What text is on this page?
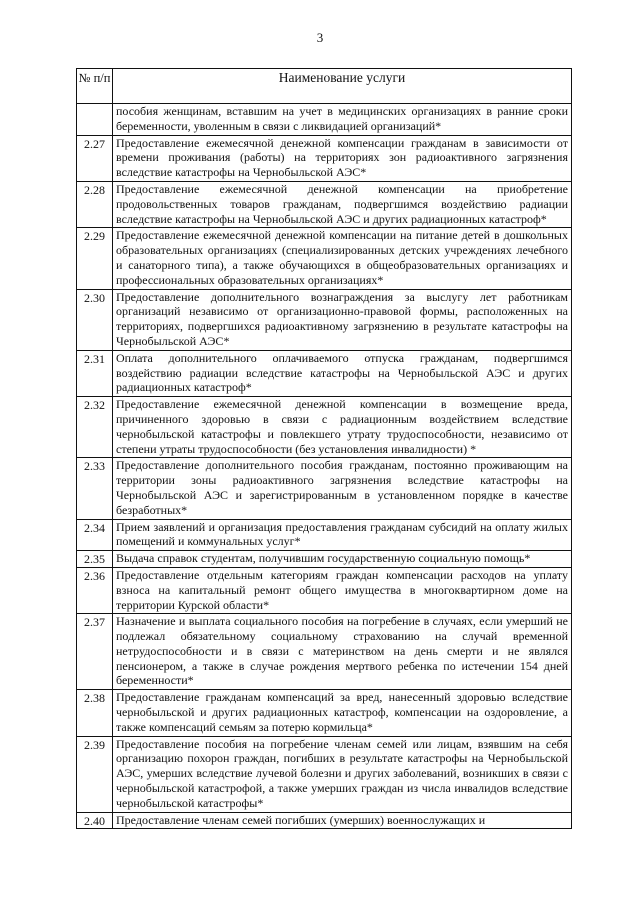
3
№ п/п	Наименование услуги
	пособия женщинам, вставшим на учет в медицинских организациях в ранние сроки беременности, уволенным в связи с ликвидацией организаций*
2.27	Предоставление ежемесячной денежной компенсации гражданам в зависимости от времени проживания (работы) на территориях зон радиоактивного загрязнения вследствие катастрофы на Чернобыльской АЭС*
2.28	Предоставление ежемесячной денежной компенсации на приобретение продовольственных товаров гражданам, подвергшимся воздействию радиации вследствие катастрофы на Чернобыльской АЭС и других радиационных катастроф*
2.29	Предоставление ежемесячной денежной компенсации на питание детей в дошкольных образовательных организациях (специализированных детских учреждениях лечебного и санаторного типа), а также обучающихся в общеобразовательных организациях и профессиональных образовательных организациях*
2.30	Предоставление дополнительного вознаграждения за выслугу лет работникам организаций независимо от организационно-правовой формы, расположенных на территориях, подвергшихся радиоактивному загрязнению в результате катастрофы на Чернобыльской АЭС*
2.31	Оплата дополнительного оплачиваемого отпуска гражданам, подвергшимся воздействию радиации вследствие катастрофы на Чернобыльской АЭС и других радиационных катастроф*
2.32	Предоставление ежемесячной денежной компенсации в возмещение вреда, причиненного здоровью в связи с радиационным воздействием вследствие чернобыльской катастрофы и повлекшего утрату трудоспособности, независимо от степени утраты трудоспособности (без установления инвалидности) *
2.33	Предоставление дополнительного пособия гражданам, постоянно проживающим на территории зоны радиоактивного загрязнения вследствие катастрофы на Чернобыльской АЭС и зарегистрированным в установленном порядке в качестве безработных*
2.34	Прием заявлений и организация предоставления гражданам субсидий на оплату жилых помещений и коммунальных услуг*
2.35	Выдача справок студентам, получившим государственную социальную помощь*
2.36	Предоставление отдельным категориям граждан компенсации расходов на уплату взноса на капитальный ремонт общего имущества в многоквартирном доме на территории Курской области*
2.37	Назначение и выплата социального пособия на погребение в случаях, если умерший не подлежал обязательному социальному страхованию на случай временной нетрудоспособности и в связи с материнством на день смерти и не являлся пенсионером, а также в случае рождения мертвого ребенка по истечении 154 дней беременности*
2.38	Предоставление гражданам компенсаций за вред, нанесенный здоровью вследствие чернобыльской и других радиационных катастроф, компенсации на оздоровление, а также компенсаций семьям за потерю кормильца*
2.39	Предоставление пособия на погребение членам семей или лицам, взявшим на себя организацию похорон граждан, погибших в результате катастрофы на Чернобыльской АЭС, умерших вследствие лучевой болезни и других заболеваний, возникших в связи с чернобыльской катастрофой, а также умерших граждан из числа инвалидов вследствие чернобыльской катастрофы*
2.40	Предоставление членам семей погибших (умерших) военнослужащих и
